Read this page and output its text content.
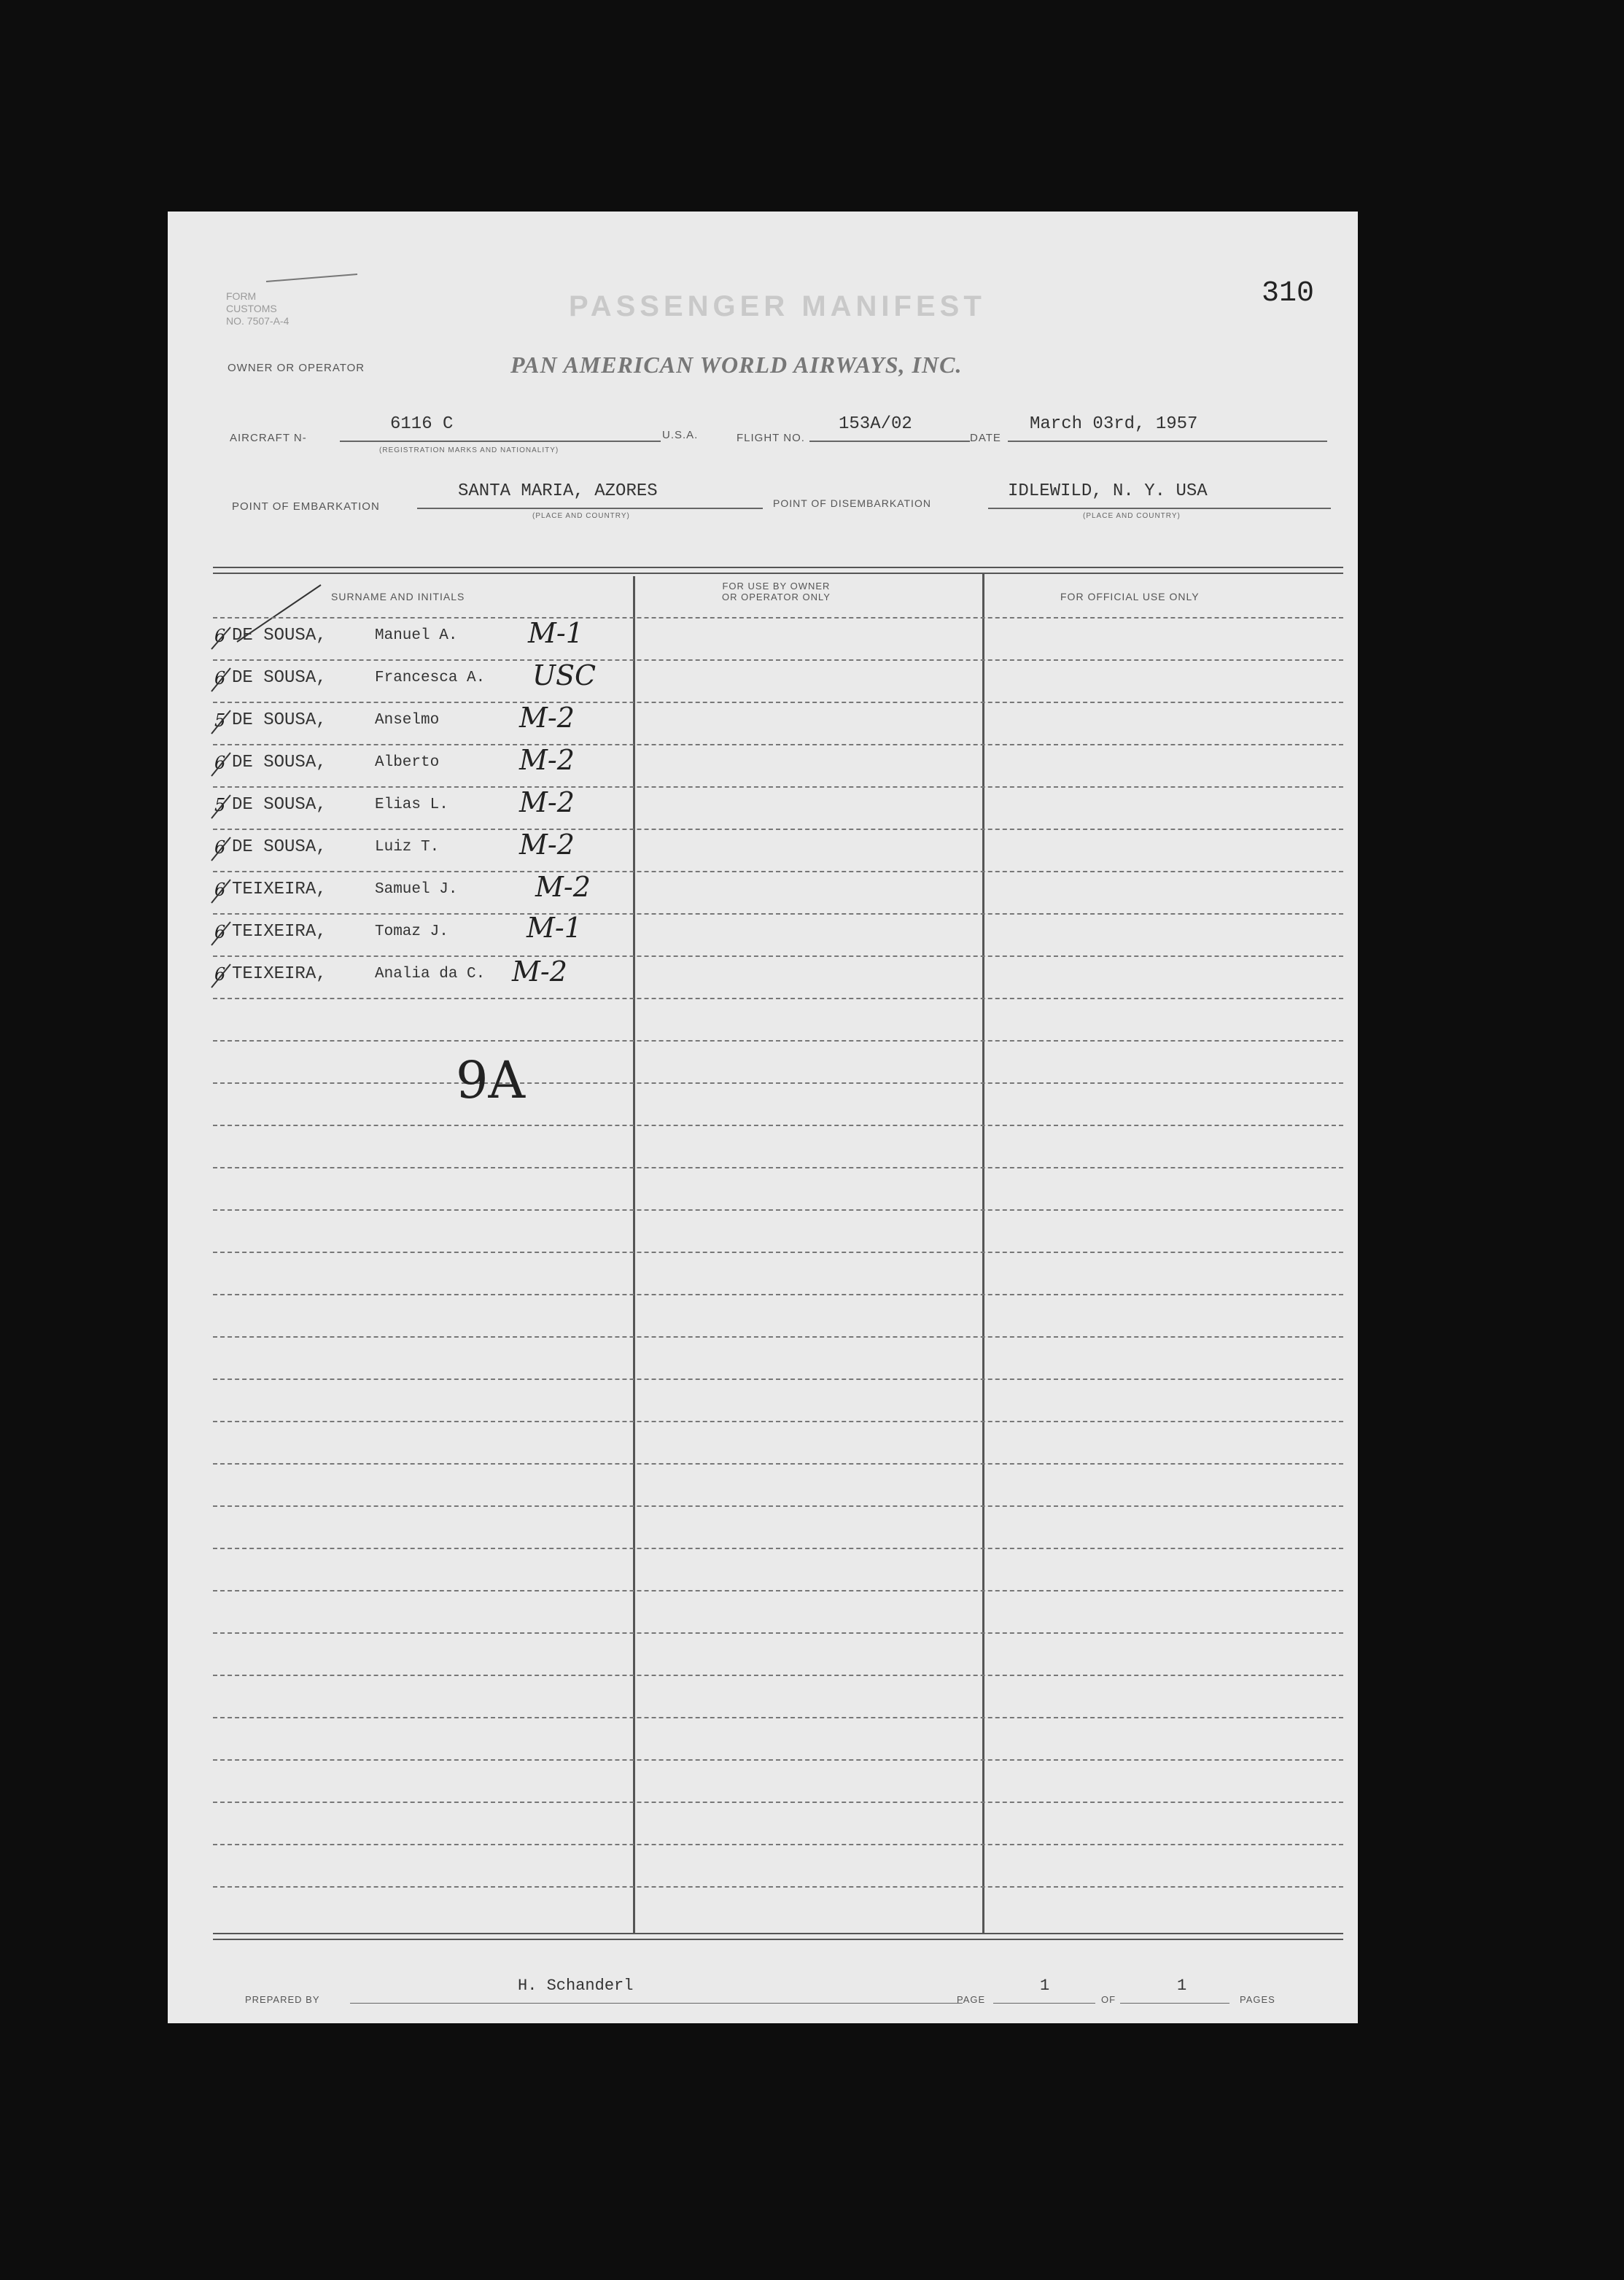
310
PASSENGER MANIFEST
FORM
CUSTOMS
NO. 7507-A-4
OWNER OR OPERATOR	PAN AMERICAN WORLD AIRWAYS, INC.
AIRCRAFT N-
6116 C
(REGISTRATION MARKS AND NATIONALITY)
U.S.A.	FLIGHT NO.
153A/02
DATE
March 03rd, 1957
POINT OF EMBARKATION
SANTA MARIA, AZORES
(PLACE AND COUNTRY)
POINT OF DISEMBARKATION
IDLEWILD, N. Y. USA
(PLACE AND COUNTRY)
SURNAME AND INITIALS
FOR USE BY OWNER
OR OPERATOR ONLY	FOR OFFICIAL USE ONLY
6 DE SOUSA,	Manuel A.	M-1
6 DE SOUSA,	Francesca A. USC
5 DE SOUSA,	Anselmo	M-2
6 DE SOUSA,	Alberto	M-2
5 DE SOUSA,	Elias L.	M-2
6 DE SOUSA,	Luiz T.	M-2
6 TEIXEIRA,	Samuel J.	M-2
6 TEIXEIRA,	Tomaz J.	M-1
6 TEIXEIRA,	Analia da C. M-2
9A
PREPARED BY
H. Schanderl
PAGE
1
OF
1
PAGES
